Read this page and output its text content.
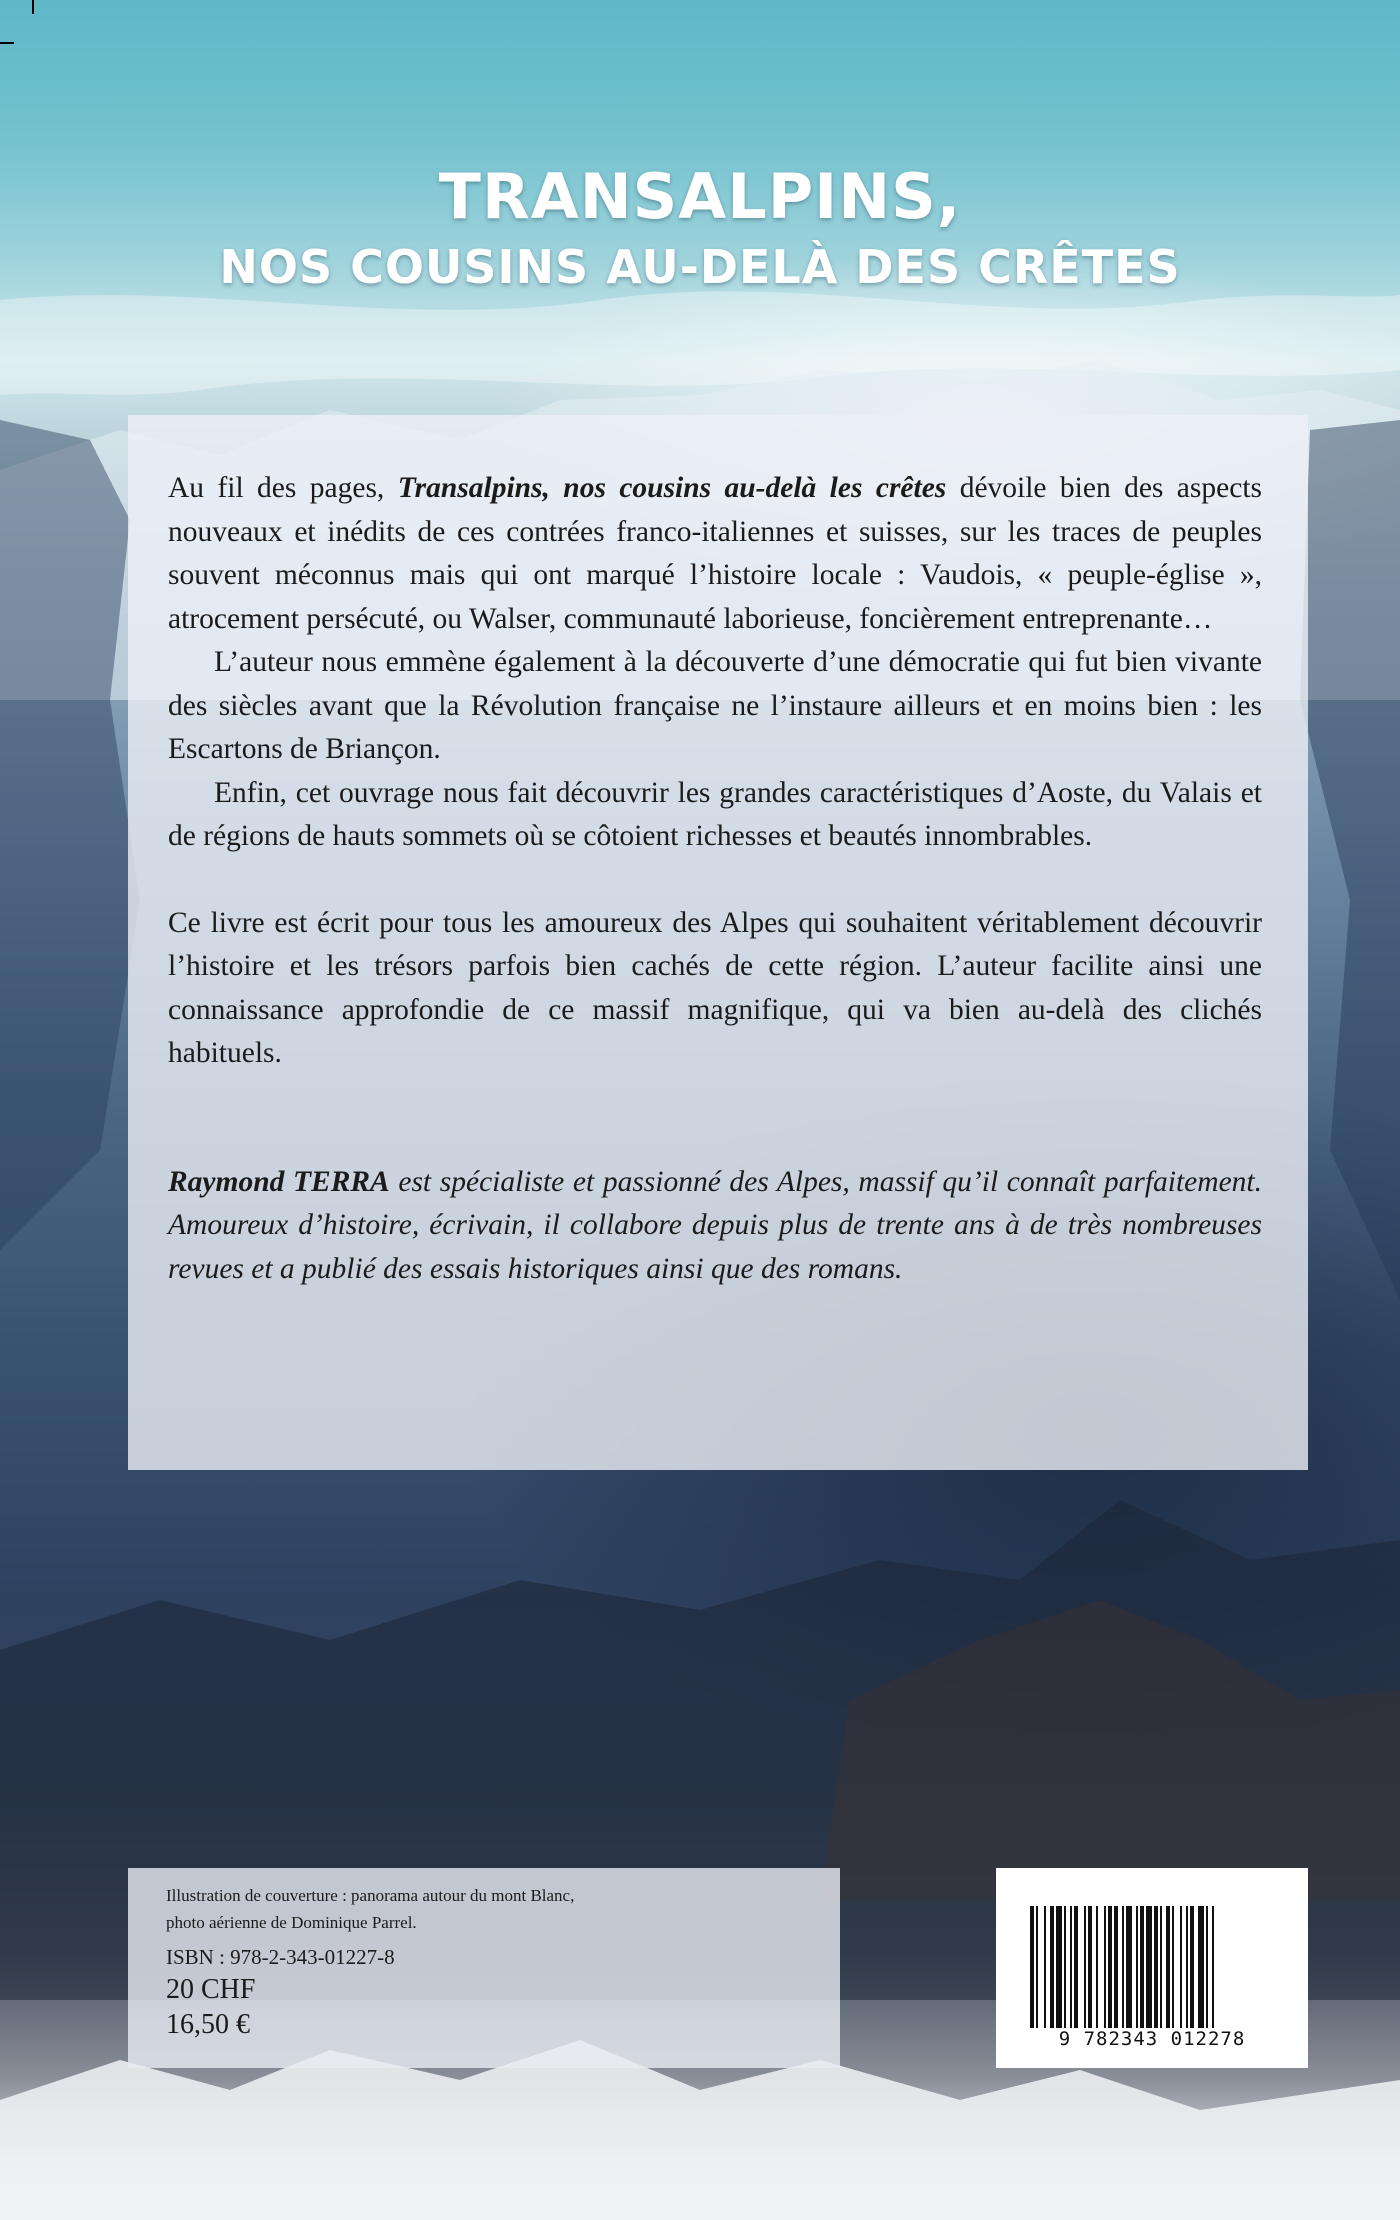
TRANSALPINS,
NOS COUSINS AU-DELÀ DES CRÊTES

Au fil des pages, Transalpins, nos cousins au-delà les crêtes dévoile bien des aspects nouveaux et inédits de ces contrées franco-italiennes et suisses, sur les traces de peuples souvent méconnus mais qui ont marqué l’histoire locale : Vaudois, « peuple-église », atrocement persécuté, ou Walser, communauté laborieuse, foncièrement entreprenante…

L’auteur nous emmène également à la découverte d’une démocratie qui fut bien vivante des siècles avant que la Révolution française ne l’instaure ailleurs et en moins bien : les Escartons de Briançon.

Enfin, cet ouvrage nous fait découvrir les grandes caractéristiques d’Aoste, du Valais et de régions de hauts sommets où se côtoient richesses et beautés innombrables.

Ce livre est écrit pour tous les amoureux des Alpes qui souhaitent véritablement découvrir l’histoire et les trésors parfois bien cachés de cette région. L’auteur facilite ainsi une connaissance approfondie de ce massif magnifique, qui va bien au-delà des clichés habituels.

Raymond TERRA est spécialiste et passionné des Alpes, massif qu’il connaît parfaitement. Amoureux d’histoire, écrivain, il collabore depuis plus de trente ans à de très nombreuses revues et a publié des essais historiques ainsi que des romans.

Illustration de couverture : panorama autour du mont Blanc,
photo aérienne de Dominique Parrel.
ISBN : 978-2-343-01227-8
20 CHF
16,50 €	9 782343 012278
